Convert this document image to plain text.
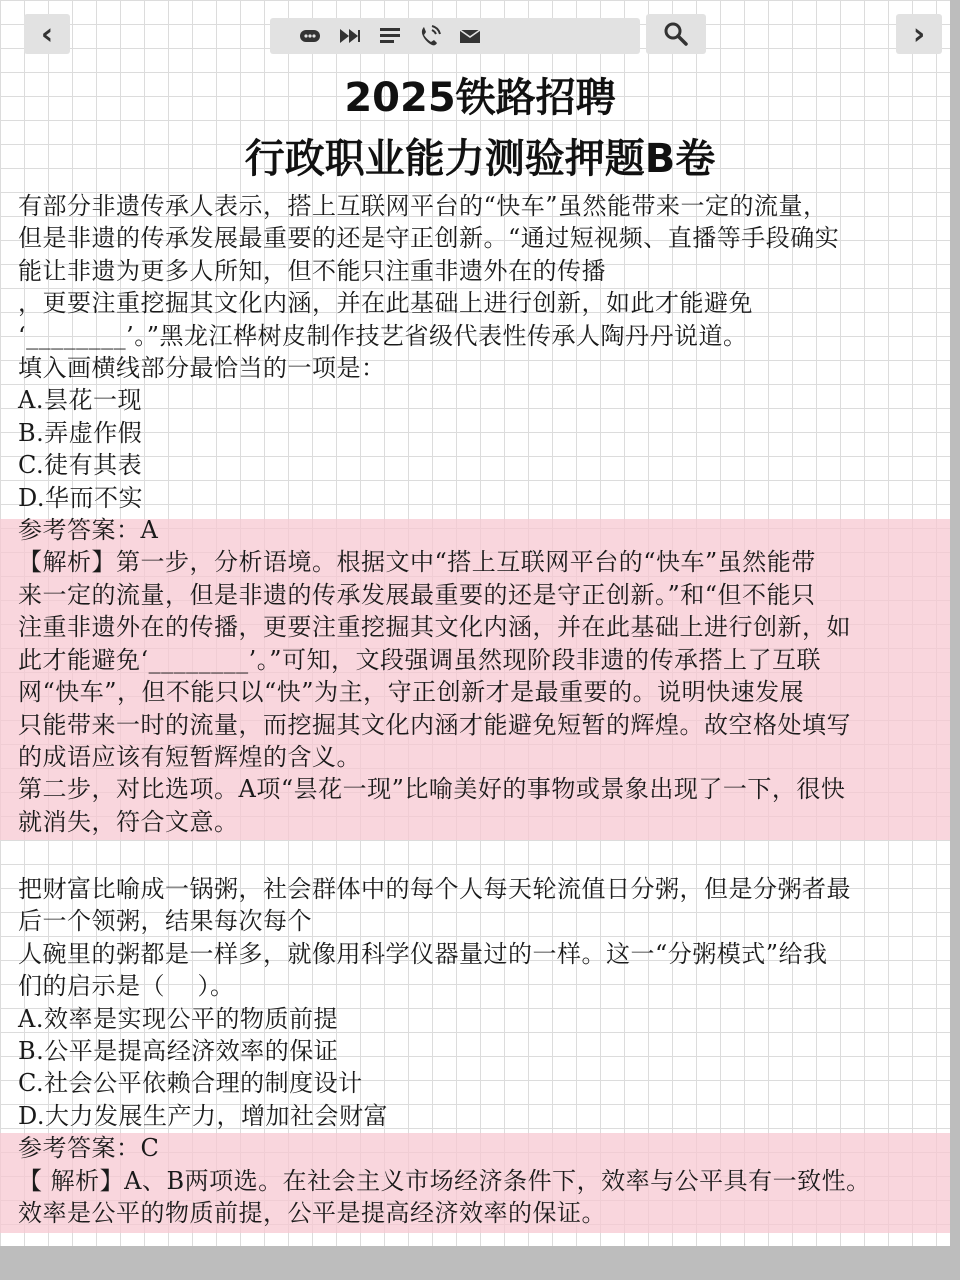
‹	›
2025铁路招聘
行政职业能力测验押题B卷
有部分非遗传承人表示，搭上互联网平台的“快车”虽然能带来一定的流量，
但是非遗的传承发展最重要的还是守正创新。“通过短视频、直播等手段确实
能让非遗为更多人所知，但不能只注重非遗外在的传播
，更要注重挖掘其文化内涵，并在此基础上进行创新，如此才能避免
‘________’。”黑龙江桦树皮制作技艺省级代表性传承人陶丹丹说道。
填入画横线部分最恰当的一项是：
A.昙花一现
B.弄虚作假
C.徒有其表
D.华而不实
参考答案：A
【解析】第一步，分析语境。根据文中“搭上互联网平台的“快车”虽然能带
来一定的流量，但是非遗的传承发展最重要的还是守正创新。”和“但不能只
注重非遗外在的传播，更要注重挖掘其文化内涵，并在此基础上进行创新，如
此才能避免‘________’。”可知，文段强调虽然现阶段非遗的传承搭上了互联
网“快车”，但不能只以“快”为主，守正创新才是最重要的。说明快速发展
只能带来一时的流量，而挖掘其文化内涵才能避免短暂的辉煌。故空格处填写
的成语应该有短暂辉煌的含义。
第二步，对比选项。A项“昙花一现”比喻美好的事物或景象出现了一下，很快
就消失，符合文意。
把财富比喻成一锅粥，社会群体中的每个人每天轮流值日分粥，但是分粥者最
后一个领粥，结果每次每个
人碗里的粥都是一样多，就像用科学仪器量过的一样。这一“分粥模式”给我
们的启示是（    ）。
A.效率是实现公平的物质前提
B.公平是提高经济效率的保证
C.社会公平依赖合理的制度设计
D.大力发展生产力，增加社会财富
参考答案：C
【 解析】A、B两项选。在社会主义市场经济条件下，效率与公平具有一致性。
效率是公平的物质前提，公平是提高经济效率的保证。
